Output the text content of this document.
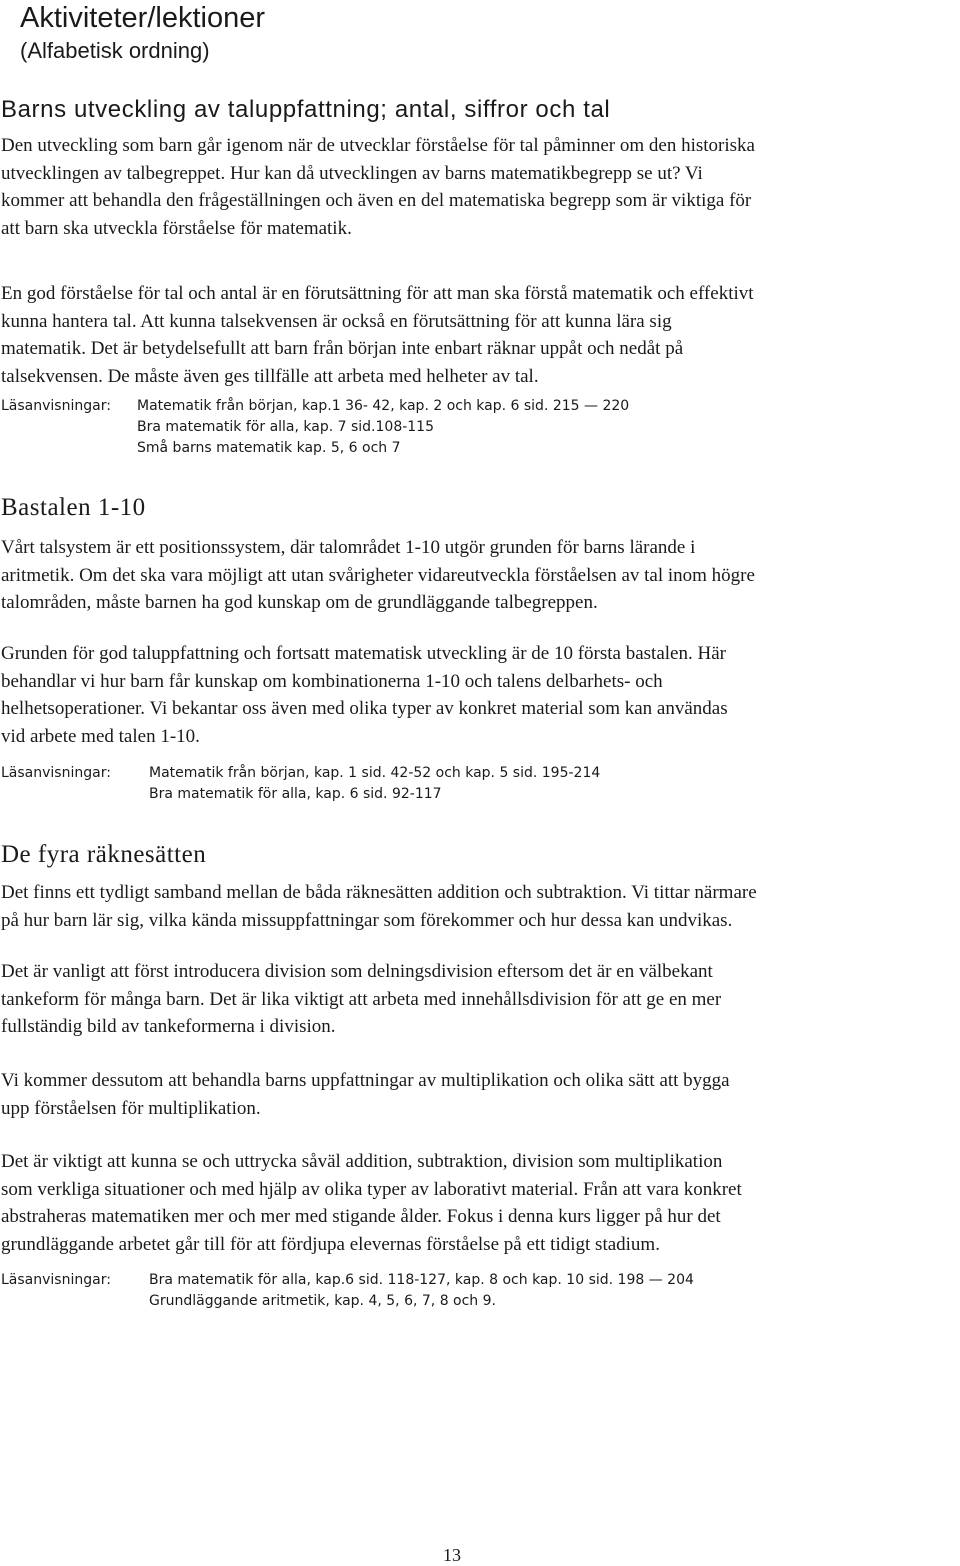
Aktiviteter/lektioner
(Alfabetisk ordning)
Barns utveckling av taluppfattning; antal, siffror och tal
Den utveckling som barn går igenom när de utvecklar förståelse för tal påminner om den historiska
utvecklingen av talbegreppet. Hur kan då utvecklingen av barns matematikbegrepp se ut? Vi
kommer att behandla den frågeställningen och även en del matematiska begrepp som är viktiga för
att barn ska utveckla förståelse för matematik.
En god förståelse för tal och antal är en förutsättning för att man ska förstå matematik och effektivt
kunna hantera tal. Att kunna talsekvensen är också en förutsättning för att kunna lära sig
matematik. Det är betydelsefullt att barn från början inte enbart räknar uppåt och nedåt på
talsekvensen. De måste även ges tillfälle att arbeta med helheter av tal.
Läsanvisningar: Matematik från början, kap.1 36- 42, kap. 2 och kap. 6 sid. 215 — 220
Bra matematik för alla, kap. 7 sid.108-115
Små barns matematik kap. 5, 6 och 7
Bastalen 1-10
Vårt talsystem är ett positionssystem, där talområdet 1-10 utgör grunden för barns lärande i
aritmetik. Om det ska vara möjligt att utan svårigheter vidareutveckla förståelsen av tal inom högre
talområden, måste barnen ha god kunskap om de grundläggande talbegreppen.
Grunden för god taluppfattning och fortsatt matematisk utveckling är de 10 första bastalen. Här
behandlar vi hur barn får kunskap om kombinationerna 1-10 och talens delbarhets- och
helhetsoperationer. Vi bekantar oss även med olika typer av konkret material som kan användas
vid arbete med talen 1-10.
Läsanvisningar:	Matematik från början, kap. 1 sid. 42-52 och kap. 5 sid. 195-214
Bra matematik för alla, kap. 6 sid. 92-117
De fyra räknesätten
Det finns ett tydligt samband mellan de båda räknesätten addition och subtraktion. Vi tittar närmare
på hur barn lär sig, vilka kända missuppfattningar som förekommer och hur dessa kan undvikas.
Det är vanligt att först introducera division som delningsdivision eftersom det är en välbekant
tankeform för många barn. Det är lika viktigt att arbeta med innehållsdivision för att ge en mer
fullständig bild av tankeformerna i division.
Vi kommer dessutom att behandla barns uppfattningar av multiplikation och olika sätt att bygga
upp förståelsen för multiplikation.
Det är viktigt att kunna se och uttrycka såväl addition, subtraktion, division som multiplikation
som verkliga situationer och med hjälp av olika typer av laborativt material. Från att vara konkret
abstraheras matematiken mer och mer med stigande ålder. Fokus i denna kurs ligger på hur det
grundläggande arbetet går till för att fördjupa elevernas förståelse på ett tidigt stadium.
Läsanvisningar:	Bra matematik för alla, kap.6 sid. 118-127, kap. 8 och kap. 10 sid. 198 — 204
Grundläggande aritmetik, kap. 4, 5, 6, 7, 8 och 9.
13
